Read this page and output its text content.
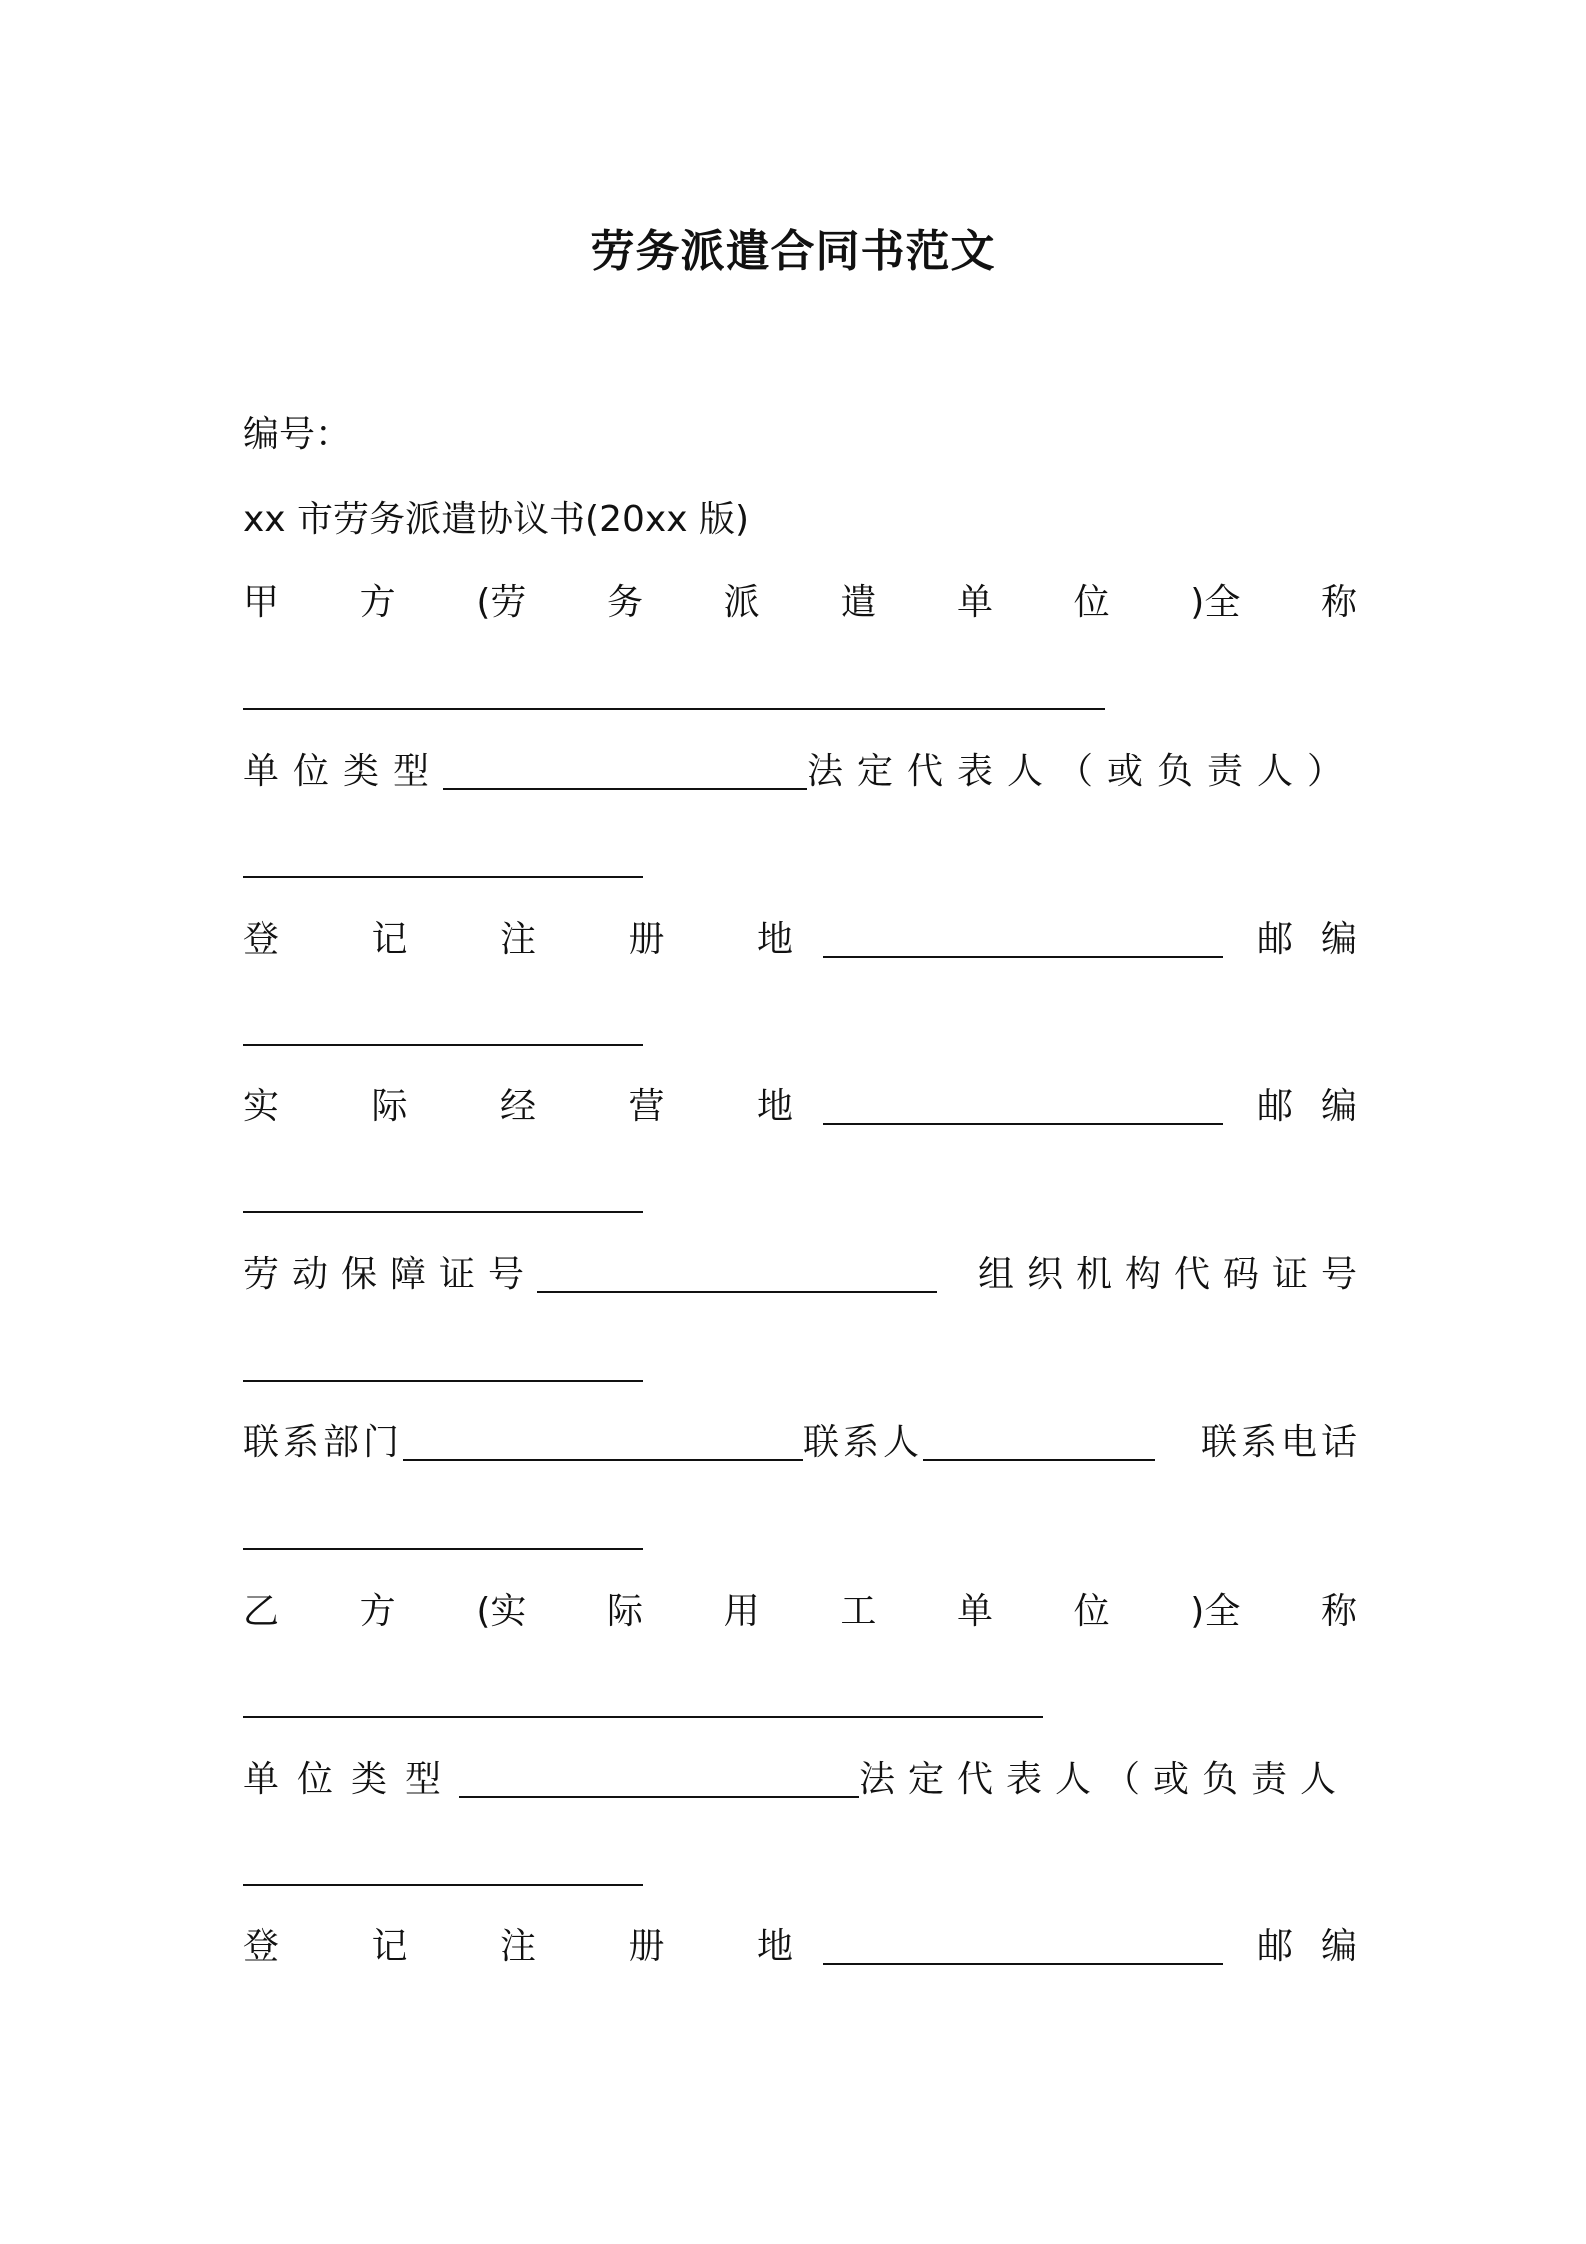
劳务派遣合同书范文
编号：
xx 市劳务派遣协议书(20xx 版)
甲 方 (劳 务 派 遣 单 位 )全 称
单位类型	法定代表人（或负责人）
登	记	注	册	地	邮编
实	际	经	营	地	邮编
劳动保障证号	组织机构代码证号
联系部门	联系人	联系电话
乙 方 (实 际 用 工 单 位 )全 称
单位类型	法定代表人（或负责人
登	记	注	册	地	邮编
